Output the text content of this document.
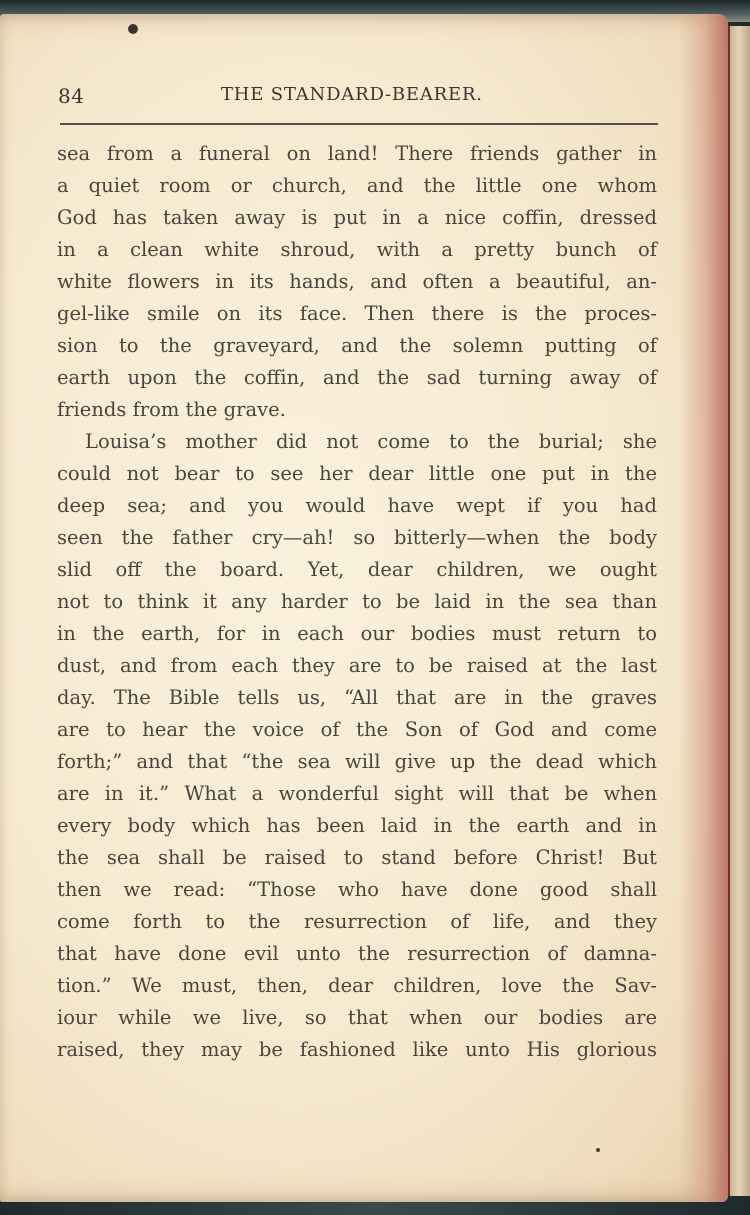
84	THE STANDARD-BEARER.
sea from a funeral on land! There friends gather in
a quiet room or church, and the little one whom
God has taken away is put in a nice coffin, dressed
in a clean white shroud, with a pretty bunch of
white flowers in its hands, and often a beautiful, an-
gel-like smile on its face. Then there is the proces-
sion to the graveyard, and the solemn putting of
earth upon the coffin, and the sad turning away of
friends from the grave.
Louisa’s mother did not come to the burial; she
could not bear to see her dear little one put in the
deep sea; and you would have wept if you had
seen the father cry—ah! so bitterly—when the body
slid off the board. Yet, dear children, we ought
not to think it any harder to be laid in the sea than
in the earth, for in each our bodies must return to
dust, and from each they are to be raised at the last
day. The Bible tells us, “All that are in the graves
are to hear the voice of the Son of God and come
forth;” and that “the sea will give up the dead which
are in it.” What a wonderful sight will that be when
every body which has been laid in the earth and in
the sea shall be raised to stand before Christ! But
then we read: “Those who have done good shall
come forth to the resurrection of life, and they
that have done evil unto the resurrection of damna-
tion.” We must, then, dear children, love the Sav-
iour while we live, so that when our bodies are
raised, they may be fashioned like unto His glorious
